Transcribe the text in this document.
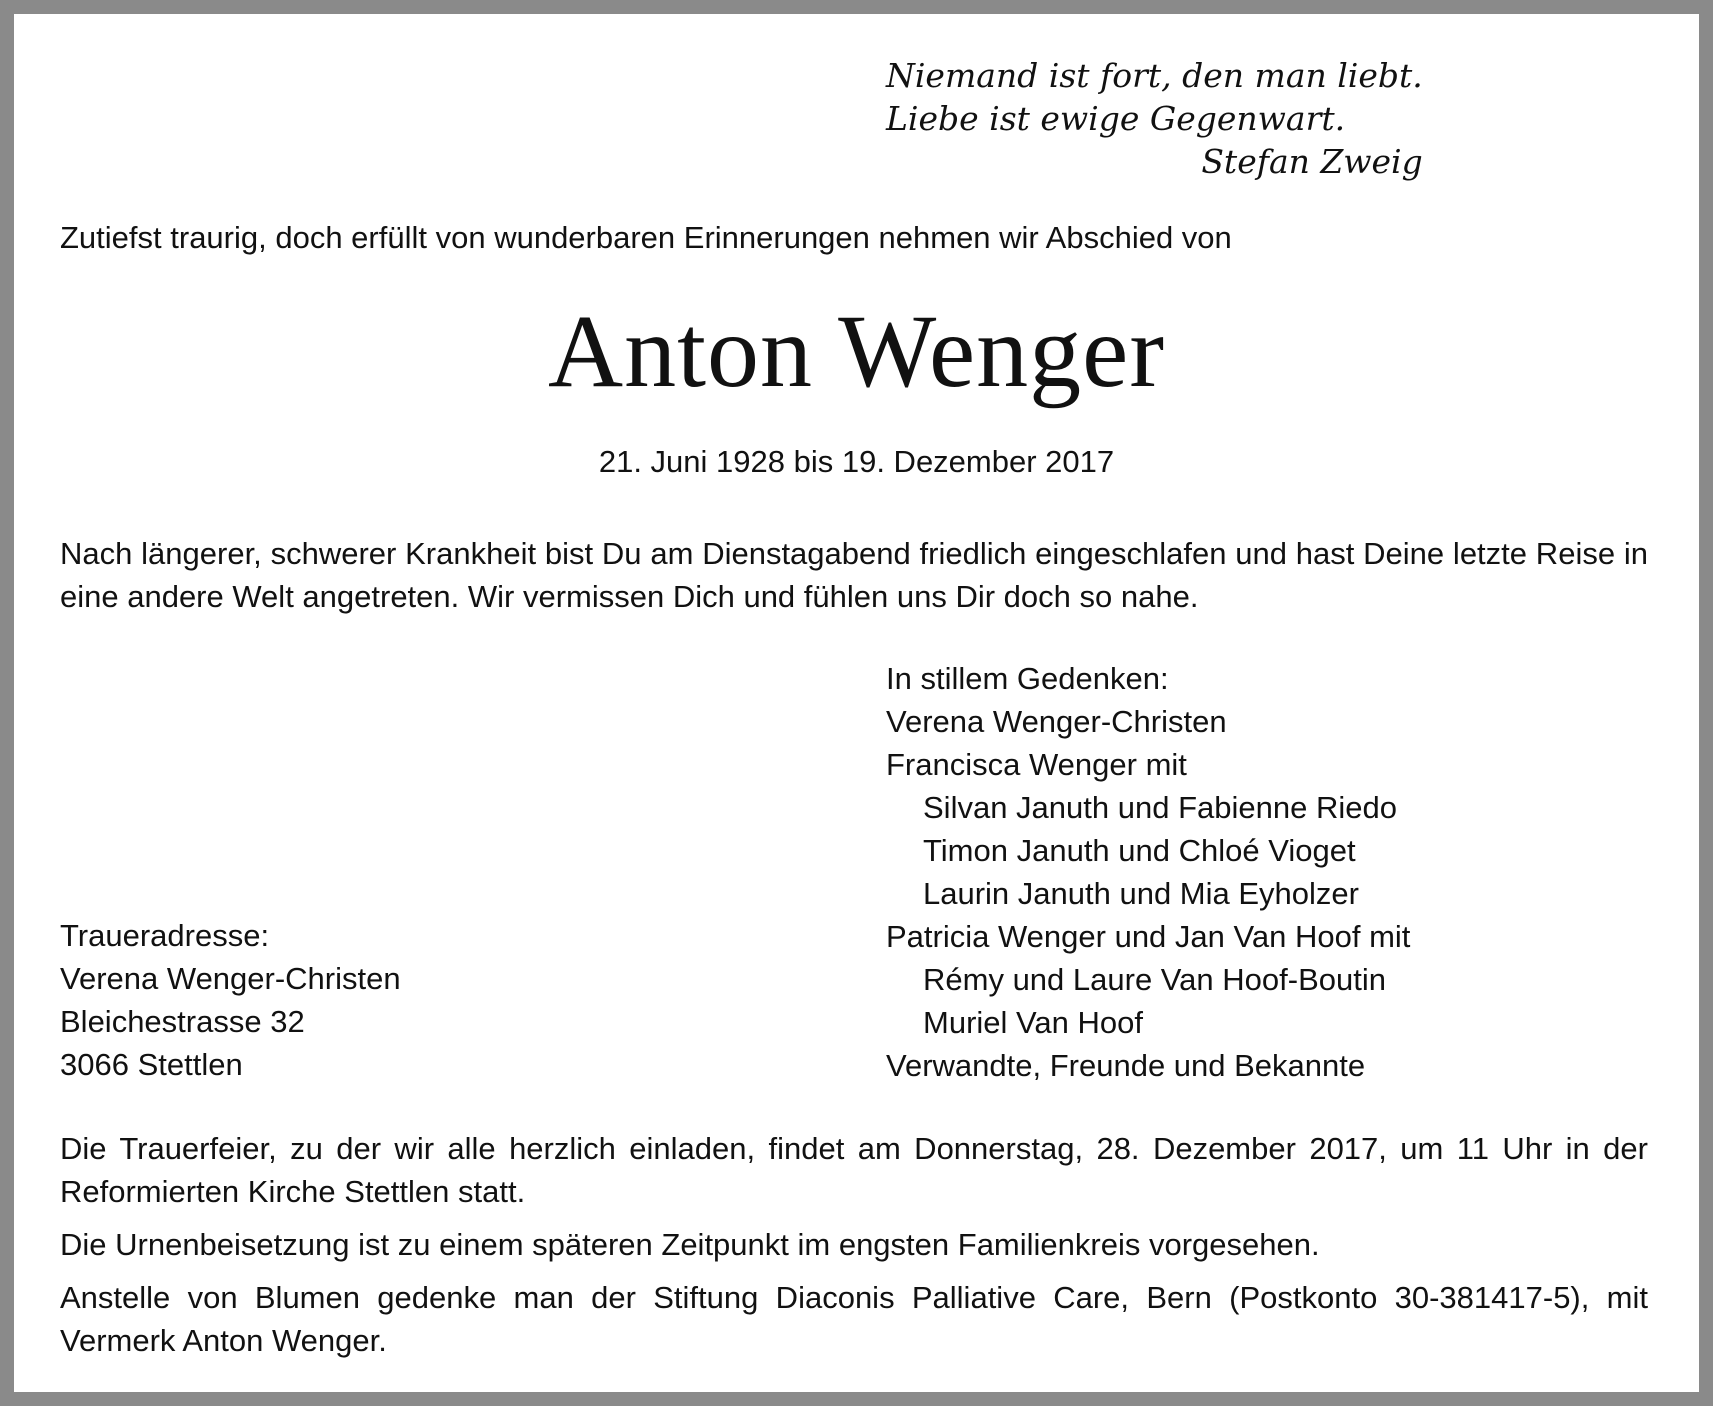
Niemand ist fort, den man liebt.
Liebe ist ewige Gegenwart.
Stefan Zweig
Zutiefst traurig, doch erfüllt von wunderbaren Erinnerungen nehmen wir Abschied von
Anton Wenger
21. Juni 1928 bis 19. Dezember 2017
Nach längerer, schwerer Krankheit bist Du am Dienstagabend friedlich eingeschlafen und hast Deine letzte Reise in eine andere Welt angetreten. Wir vermissen Dich und fühlen uns Dir doch so nahe.
In stillem Gedenken:
Verena Wenger-Christen
Francisca Wenger mit
Silvan Januth und Fabienne Riedo
Timon Januth und Chloé Vioget
Laurin Januth und Mia Eyholzer
Patricia Wenger und Jan Van Hoof mit
Rémy und Laure Van Hoof-Boutin
Muriel Van Hoof
Verwandte, Freunde und Bekannte
Traueradresse:
Verena Wenger-Christen
Bleichestrasse 32
3066 Stettlen

Die Trauerfeier, zu der wir alle herzlich einladen, findet am Donnerstag, 28. Dezember 2017, um 11 Uhr in der Reformierten Kirche Stettlen statt.

Die Urnenbeisetzung ist zu einem späteren Zeitpunkt im engsten Familienkreis vorgesehen.

Anstelle von Blumen gedenke man der Stiftung Diaconis Palliative Care, Bern (Postkonto 30-381417-5), mit Vermerk Anton Wenger.
